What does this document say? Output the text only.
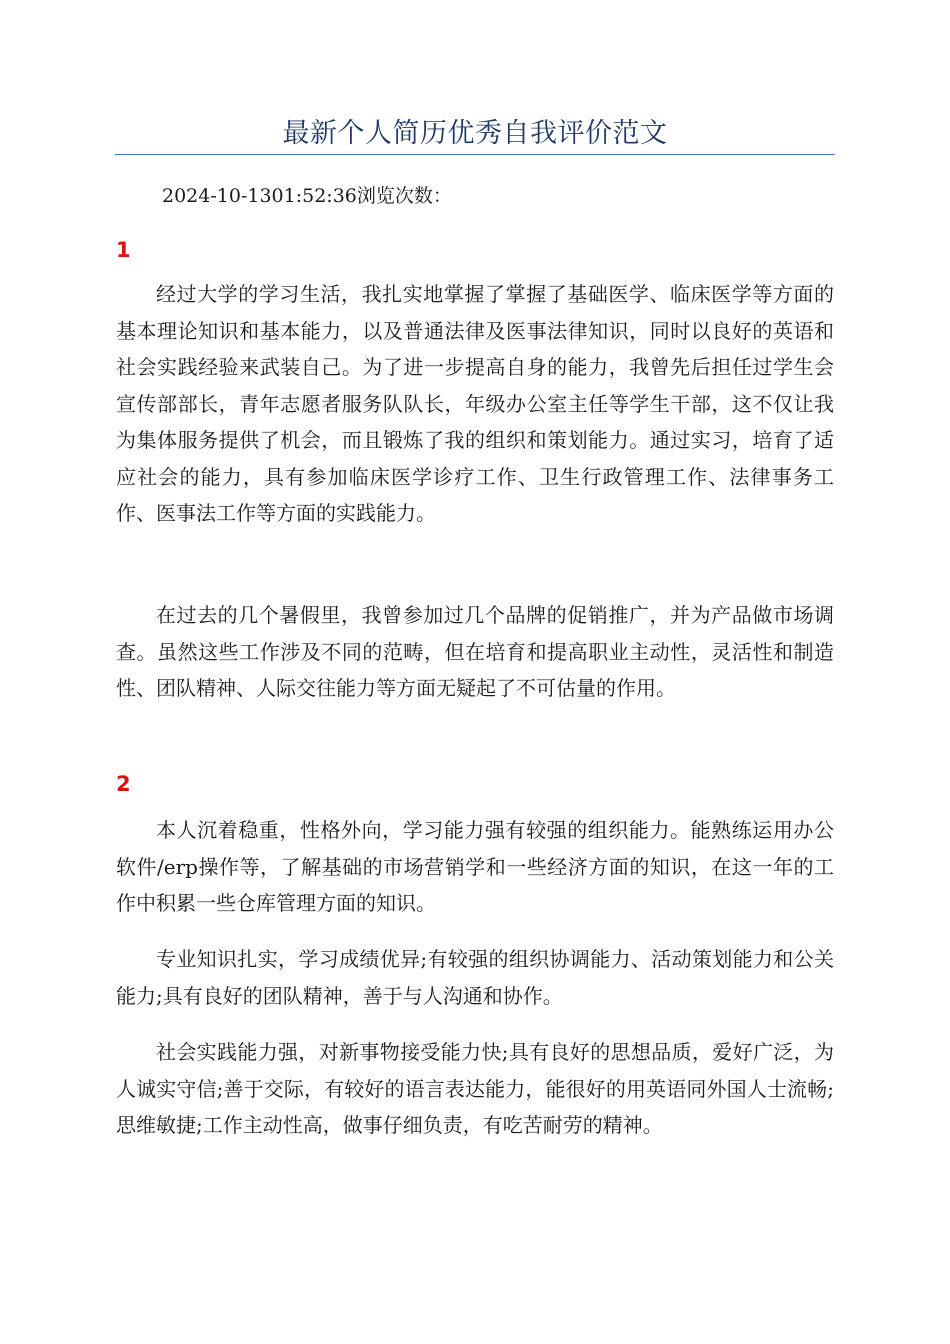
最新个人简历优秀自我评价范文
2024-10-1301:52:36浏览次数：
1

经过大学的学习生活，我扎实地掌握了掌握了基础医学、临床医学等方面的基本理论知识和基本能力，以及普通法律及医事法律知识，同时以良好的英语和社会实践经验来武装自己。为了进一步提高自身的能力，我曾先后担任过学生会宣传部部长，青年志愿者服务队队长，年级办公室主任等学生干部，这不仅让我为集体服务提供了机会，而且锻炼了我的组织和策划能力。通过实习，培育了适应社会的能力，具有参加临床医学诊疗工作、卫生行政管理工作、法律事务工作、医事法工作等方面的实践能力。

在过去的几个暑假里，我曾参加过几个品牌的促销推广，并为产品做市场调查。虽然这些工作涉及不同的范畴，但在培育和提高职业主动性，灵活性和制造性、团队精神、人际交往能力等方面无疑起了不可估量的作用。

2

本人沉着稳重，性格外向，学习能力强有较强的组织能力。能熟练运用办公软件/erp操作等，了解基础的市场营销学和一些经济方面的知识，在这一年的工作中积累一些仓库管理方面的知识。

专业知识扎实，学习成绩优异;有较强的组织协调能力、活动策划能力和公关能力;具有良好的团队精神，善于与人沟通和协作。

社会实践能力强，对新事物接受能力快;具有良好的思想品质，爱好广泛，为人诚实守信;善于交际，有较好的语言表达能力，能很好的用英语同外国人士流畅;思维敏捷;工作主动性高，做事仔细负责，有吃苦耐劳的精神。
